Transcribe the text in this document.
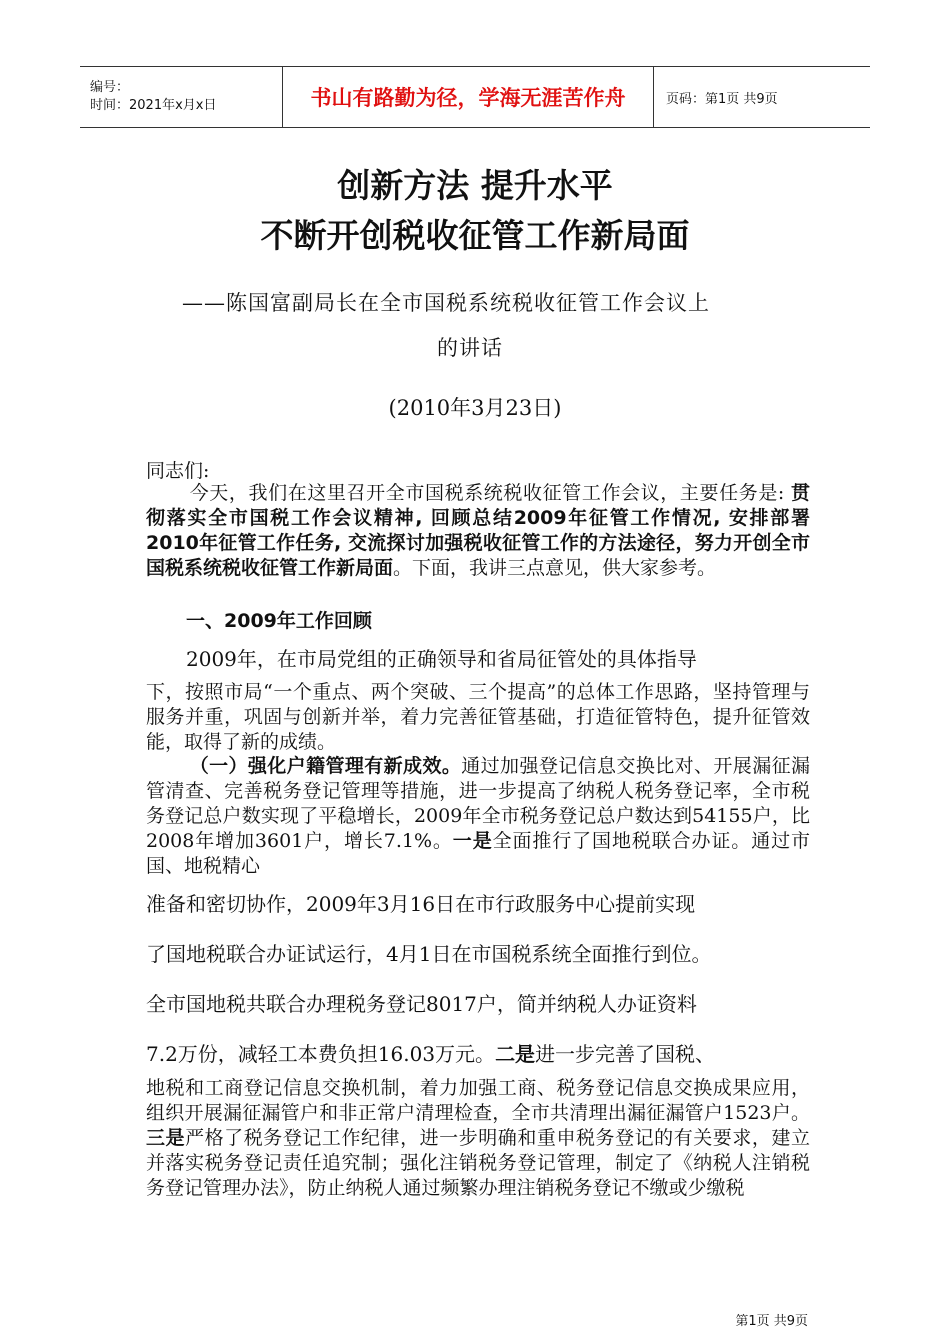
编号：
时间：2021年x月x日	书山有路勤为径，学海无涯苦作舟	页码：第1页 共9页
创新方法 提升水平
不断开创税收征管工作新局面
——陈国富副局长在全市国税系统税收征管工作会议上
的讲话
(2010年3月23日)
同志们:

今天，我们在这里召开全市国税系统税收征管工作会议，主要任务是: 贯彻落实全市国税工作会议精神, 回顾总结2009年征管工作情况, 安排部署2010年征管工作任务, 交流探讨加强税收征管工作的方法途径，努力开创全市国税系统税收征管工作新局面。下面，我讲三点意见，供大家参考。

一、2009年工作回顾
2009年，在市局党组的正确领导和省局征管处的具体指导

下，按照市局“一个重点、两个突破、三个提高”的总体工作思路，坚持管理与服务并重，巩固与创新并举，着力完善征管基础，打造征管特色，提升征管效能，取得了新的成绩。

（一）强化户籍管理有新成效。通过加强登记信息交换比对、开展漏征漏管清查、完善税务登记管理等措施，进一步提高了纳税人税务登记率，全市税务登记总户数实现了平稳增长，2009年全市税务登记总户数达到54155户，比2008年增加3601户，增长7.1%。一是全面推行了国地税联合办证。通过市国、地税精心

准备和密切协作，2009年3月16日在市行政服务中心提前实现
了国地税联合办证试运行，4月1日在市国税系统全面推行到位。
全市国地税共联合办理税务登记8017户，简并纳税人办证资料
7.2万份，减轻工本费负担16.03万元。二是进一步完善了国税、

地税和工商登记信息交换机制，着力加强工商、税务登记信息交换成果应用，组织开展漏征漏管户和非正常户清理检查，全市共清理出漏征漏管户1523户。三是严格了税务登记工作纪律，进一步明确和重申税务登记的有关要求，建立并落实税务登记责任追究制；强化注销税务登记管理，制定了《纳税人注销税务登记管理办法》，防止纳税人通过频繁办理注销税务登记不缴或少缴税

第1页 共9页
